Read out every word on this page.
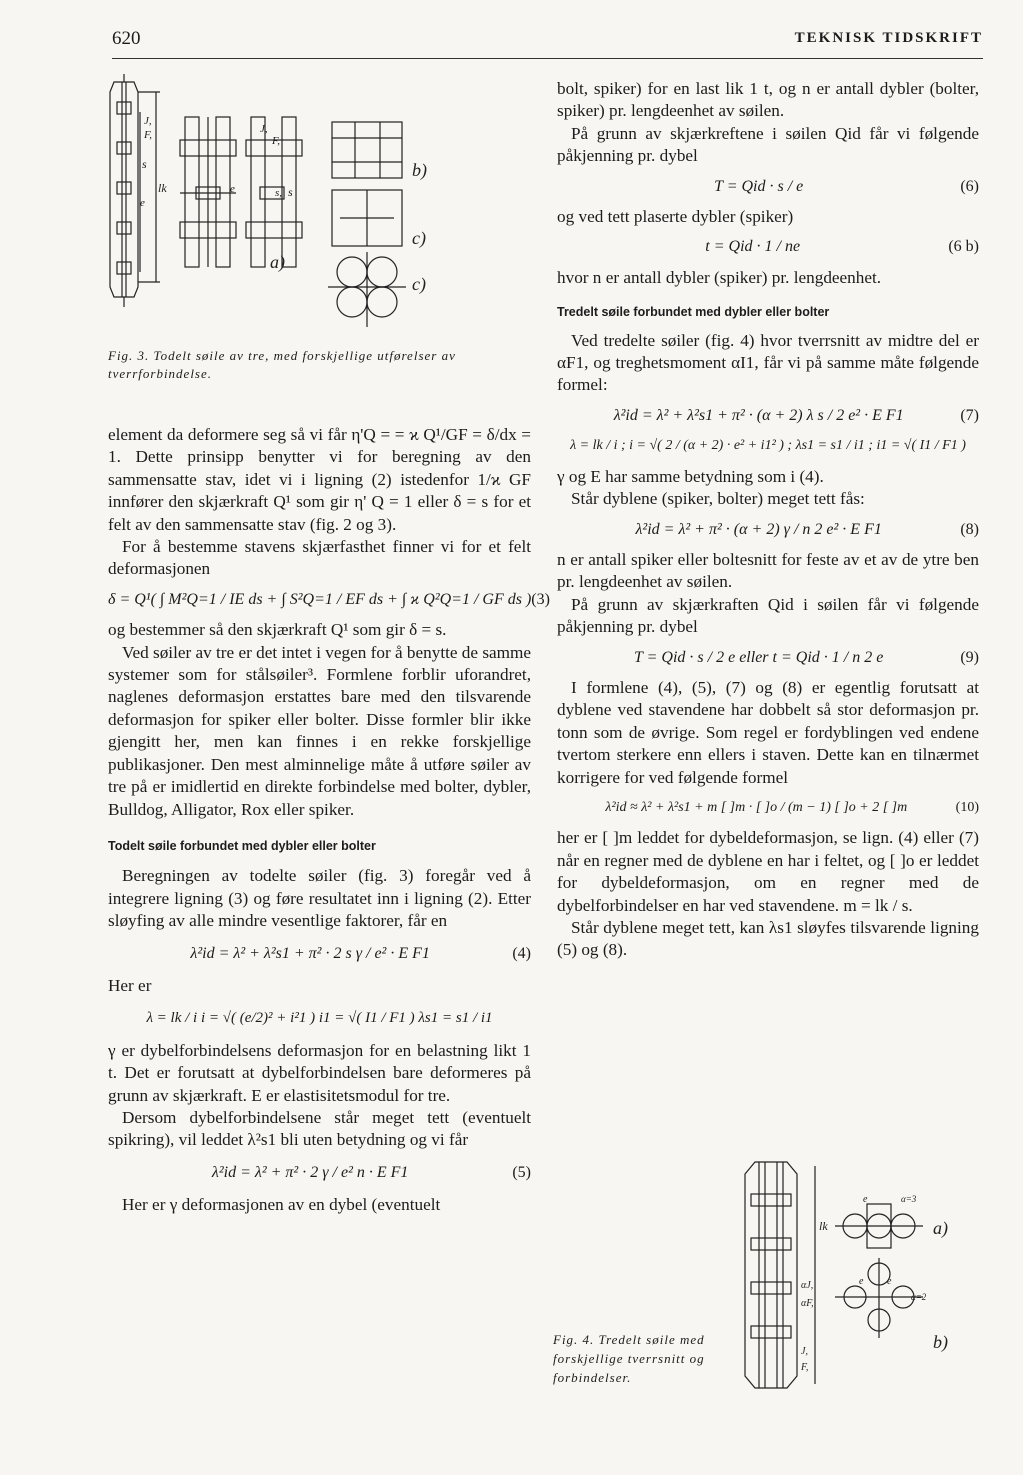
620	TEKNISK TIDSKRIFT
J,
F,
s
lk
e
J,
F,
s, s
e
a)
b)
c)
c)
Fig. 3. Todelt søile av tre, med forskjellige utførelser av tverrforbindelse.

element da deformere seg så vi får η'Q = = ϰ Q¹/GF = δ/dx = 1. Dette prinsipp benytter vi for beregning av den sammensatte stav, idet vi i ligning (2) istedenfor 1/ϰ GF innfører den skjærkraft Q¹ som gir η' Q = 1 eller δ = s for et felt av den sammensatte stav (fig. 2 og 3).

For å bestemme stavens skjærfasthet finner vi for et felt deformasjonen

δ = Q¹( ∫ M²Q=1 / IE ds + ∫ S²Q=1 / EF ds + ∫ ϰ Q²Q=1 / GF ds ) (3)

og bestemmer så den skjærkraft Q¹ som gir δ = s.

Ved søiler av tre er det intet i vegen for å benytte de samme systemer som for stålsøiler³. Formlene forblir uforandret, naglenes deformasjon erstattes bare med den tilsvarende deformasjon for spiker eller bolter. Disse formler blir ikke gjengitt her, men kan finnes i en rekke forskjellige publikasjoner. Den mest alminnelige måte å utføre søiler av tre på er imidlertid en direkte forbindelse med bolter, dybler, Bulldog, Alligator, Rox eller spiker.

Todelt søile forbundet med dybler eller bolter

Beregningen av todelte søiler (fig. 3) foregår ved å integrere ligning (3) og føre resultatet inn i ligning (2). Etter sløyfing av alle mindre vesentlige faktorer, får en

λ²id = λ² + λ²s1 + π² · 2 s γ / e² · E F1	(4)

Her er

λ = lk / i i = √( (e/2)² + i²1 ) i1 = √( I1 / F1 ) λs1 = s1 / i1

γ er dybelforbindelsens deformasjon for en belastning likt 1 t. Det er forutsatt at dybelforbindelsen bare deformeres på grunn av skjærkraft. E er elastisitetsmodul for tre.

Dersom dybelforbindelsene står meget tett (eventuelt spikring), vil leddet λ²s1 bli uten betydning og vi får

λ²id = λ² + π² · 2 γ / e² n · E F1	(5)

Her er γ deformasjonen av en dybel (eventuelt

bolt, spiker) for en last lik 1 t, og n er antall dybler (bolter, spiker) pr. lengdeenhet av søilen.

På grunn av skjærkreftene i søilen Qid får vi følgende påkjenning pr. dybel

T = Qid · s / e	(6)

og ved tett plaserte dybler (spiker)

t = Qid · 1 / ne	(6 b)

hvor n er antall dybler (spiker) pr. lengdeenhet.

Tredelt søile forbundet med dybler eller bolter

Ved tredelte søiler (fig. 4) hvor tverrsnitt av midtre del er αF1, og treghetsmoment αI1, får vi på samme måte følgende formel:

λ²id = λ² + λ²s1 + π² · (α + 2) λ s / 2 e² · E F1	(7)
λ = lk / i ; i = √( 2 / (α + 2) · e² + i1² ) ; λs1 = s1 / i1 ; i1 = √( I1 / F1 )

γ og E har samme betydning som i (4).

Står dyblene (spiker, bolter) meget tett fås:

λ²id = λ² + π² · (α + 2) γ / n 2 e² · E F1	(8)

n er antall spiker eller boltesnitt for feste av et av de ytre ben pr. lengdeenhet av søilen.

På grunn av skjærkraften Qid i søilen får vi følgende påkjenning pr. dybel

T = Qid · s / 2 e eller t = Qid · 1 / n 2 e	(9)

I formlene (4), (5), (7) og (8) er egentlig forutsatt at dyblene ved stavendene har dobbelt så stor deformasjon pr. tonn som de øvrige. Som regel er fordyblingen ved endene tvertom sterkere enn ellers i staven. Dette kan en tilnærmet korrigere for ved følgende formel

λ²id ≈ λ² + λ²s1 + m [ ]m · [ ]o / (m − 1) [ ]o + 2 [ ]m	(10)

her er [ ]m leddet for dybeldeformasjon, se lign. (4) eller (7) når en regner med de dyblene en har i feltet, og [ ]o er leddet for dybeldeformasjon, om en regner med de dybelforbindelser en har ved stavendene. m = lk / s.

Står dyblene meget tett, kan λs1 sløyfes tilsvarende ligning (5) og (8).

Fig. 4. Tredelt søile med forskjellige tverrsnitt og forbindelser.
lk
αJ,
αF,
J,
F,
α=3
e
a)
e e
α=2
b)
